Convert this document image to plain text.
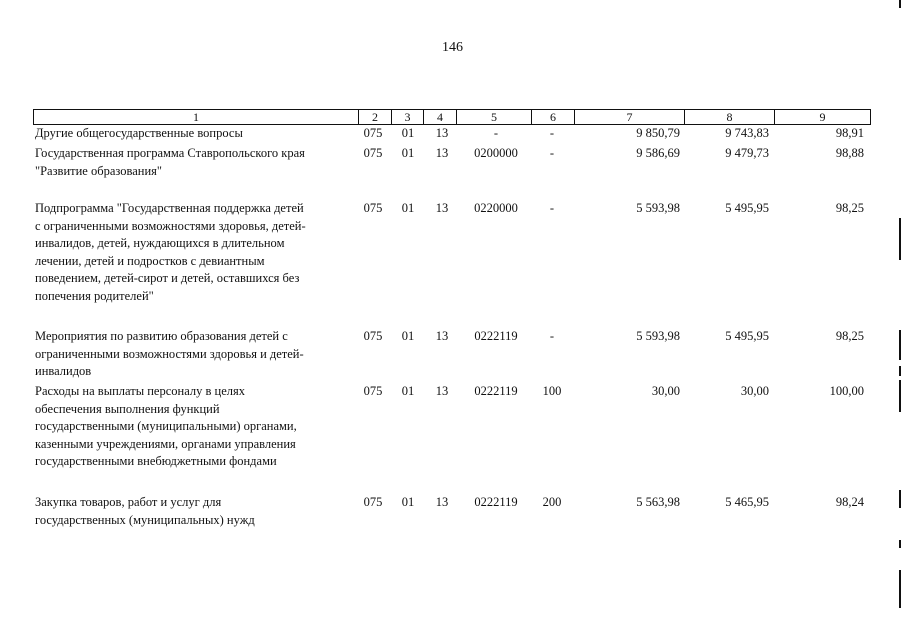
146
1	2	3	4	5	6	7	8	9
Другие общегосударственные вопросы	075	01	13	-	-	9 850,79	9 743,83	98,91
Государственная программа Ставропольского края
"Развитие образования"
075	01	13	0200000	-	9 586,69	9 479,73	98,88
Подпрограмма "Государственная поддержка детей
с ограниченными возможностями здоровья, детей-
инвалидов, детей, нуждающихся в длительном
лечении, детей и подростков с девиантным
поведением, детей-сирот и детей, оставшихся без
попечения родителей"
075	01	13	0220000	-	5 593,98	5 495,95	98,25
Мероприятия по развитию образования детей с
ограниченными возможностями здоровья и детей-
инвалидов
075	01	13	0222119	-	5 593,98	5 495,95	98,25
Расходы на выплаты персоналу в целях
обеспечения выполнения функций
государственными (муниципальными) органами,
казенными учреждениями, органами управления
государственными внебюджетными фондами
075	01	13	0222119	100	30,00	30,00	100,00
Закупка товаров, работ и услуг для
государственных (муниципальных) нужд
075	01	13	0222119	200	5 563,98	5 465,95	98,24
